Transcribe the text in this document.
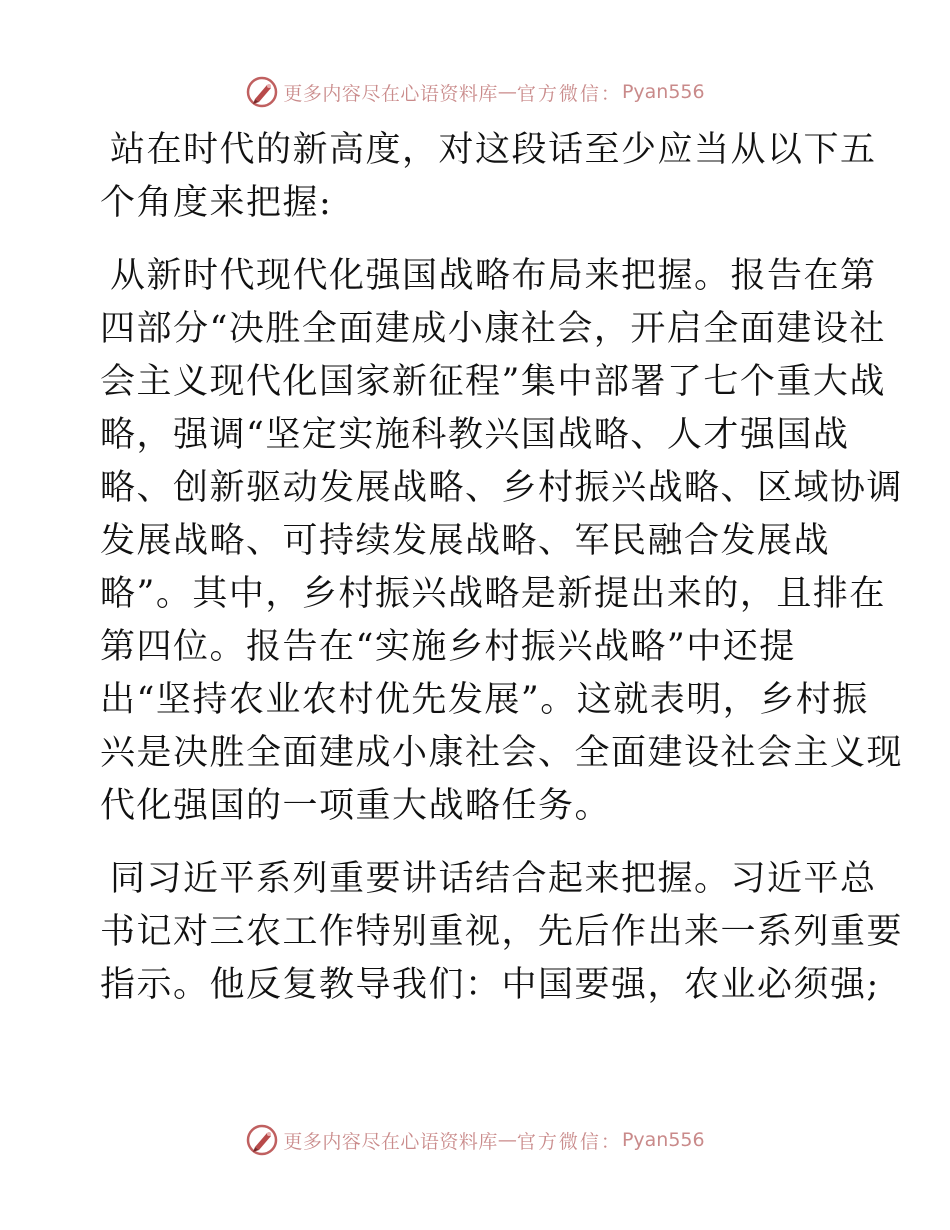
更多内容尽在心语资料库 — 官方微信： Pyan556
站在时代的新高度，对这段话至少应当从以下五
个角度来把握:
从新时代现代化强国战略布局来把握。报告在第
四部分“决胜全面建成小康社会，开启全面建设社
会主义现代化国家新征程”集中部署了七个重大战
略，强调“坚定实施科教兴国战略、人才强国战
略、创新驱动发展战略、乡村振兴战略、区域协调
发展战略、可持续发展战略、军民融合发展战
略”。其中，乡村振兴战略是新提出来的，且排在
第四位。报告在“实施乡村振兴战略”中还提
出“坚持农业农村优先发展”。这就表明，乡村振
兴是决胜全面建成小康社会、全面建设社会主义现
代化强国的一项重大战略任务。
同习近平系列重要讲话结合起来把握。习近平总
书记对三农工作特别重视，先后作出来一系列重要
指示。他反复教导我们：中国要强，农业必须强;
更多内容尽在心语资料库 — 官方微信： Pyan556
